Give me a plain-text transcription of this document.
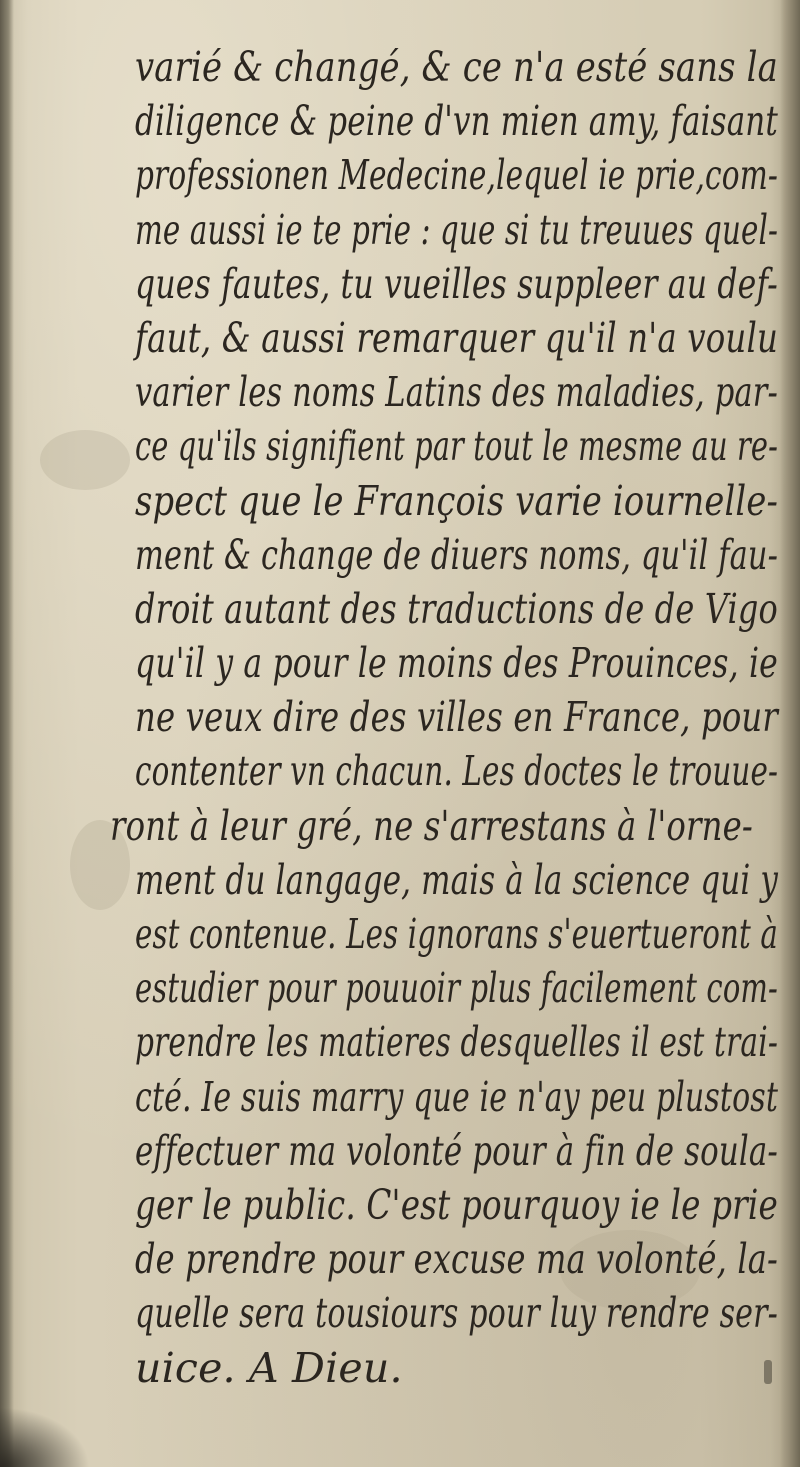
varié & changé, & ce n'a esté sans la
diligence & peine d'vn mien amy, faisant
professionen Medecine,lequel ie prie,com-
me aussi ie te prie : que si tu treuues quel-
ques fautes, tu vueilles suppleer au def-
faut, & aussi remarquer qu'il n'a voulu
varier les noms Latins des maladies, par-
ce qu'ils signifient par tout le mesme au re-
spect que le François varie iournelle-
ment & change de diuers noms, qu'il fau-
droit autant des traductions de de Vigo
qu'il y a pour le moins des Prouinces, ie
ne veux dire des villes en France, pour
contenter vn chacun. Les doctes le trouue-
ront à leur gré, ne s'arrestans à l'orne-
ment du langage, mais à la science qui y
est contenue. Les ignorans s'euertueront à
estudier pour pouuoir plus facilement com-
prendre les matieres desquelles il est trai-
cté. Ie suis marry que ie n'ay peu plustost
effectuer ma volonté pour à fin de soula-
ger le public. C'est pourquoy ie le prie
de prendre pour excuse ma volonté, la-
quelle sera tousiours pour luy rendre ser-
uice. A Dieu.
